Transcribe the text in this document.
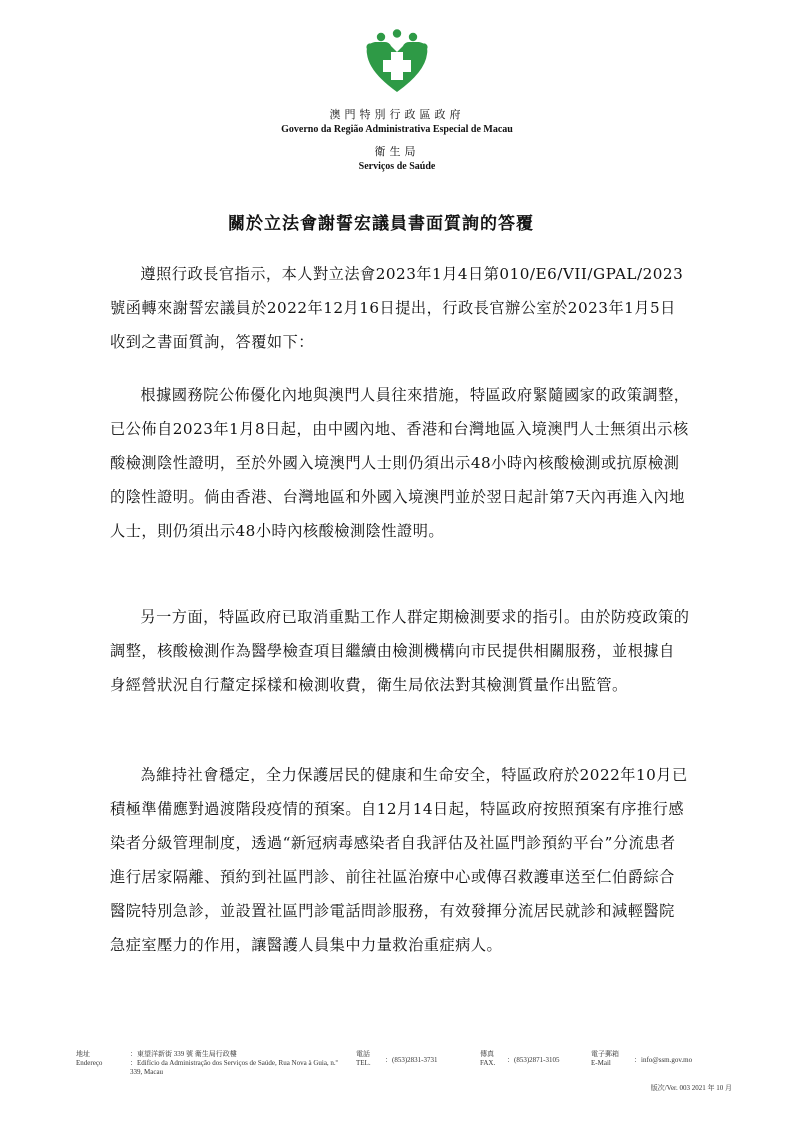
澳門特別行政區政府
Governo da Região Administrativa Especial de Macau
衛生局
Serviços de Saúde
關於立法會謝誓宏議員書面質詢的答覆

遵照行政長官指示，本人對立法會2023年1月4日第010/E6/VII/GPAL/2023號函轉來謝誓宏議員於2022年12月16日提出，行政長官辦公室於2023年1月5日收到之書面質詢，答覆如下：

根據國務院公佈優化內地與澳門人員往來措施，特區政府緊隨國家的政策調整，已公佈自2023年1月8日起，由中國內地、香港和台灣地區入境澳門人士無須出示核酸檢測陰性證明，至於外國入境澳門人士則仍須出示48小時內核酸檢測或抗原檢測的陰性證明。倘由香港、台灣地區和外國入境澳門並於翌日起計第7天內再進入內地人士，則仍須出示48小時內核酸檢測陰性證明。

另一方面，特區政府已取消重點工作人群定期檢測要求的指引。由於防疫政策的調整，核酸檢測作為醫學檢查項目繼續由檢測機構向市民提供相關服務，並根據自身經營狀況自行釐定採樣和檢測收費，衛生局依法對其檢測質量作出監管。

為維持社會穩定，全力保護居民的健康和生命安全，特區政府於2022年10月已積極準備應對過渡階段疫情的預案。自12月14日起，特區政府按照預案有序推行感染者分級管理制度，透過“新冠病毒感染者自我評估及社區門診預約平台”分流患者進行居家隔離、預約到社區門診、前往社區治療中心或傳召救護車送至仁伯爵綜合醫院特別急診，並設置社區門診電話問診服務，有效發揮分流居民就診和減輕醫院急症室壓力的作用，讓醫護人員集中力量救治重症病人。

地址
Endereço
：東望洋新街 339 號 衛生局行政樓
：Edifício da Administração dos Serviços de Saúde, Rua Nova à Guia, n.º 339, Macau
電話
TEL.	：(853)2831-3731
傳真
FAX.	：(853)2871-3105
電子郵箱
E-Mail	：info@ssm.gov.mo
版次/Ver. 003 2021 年 10 月
